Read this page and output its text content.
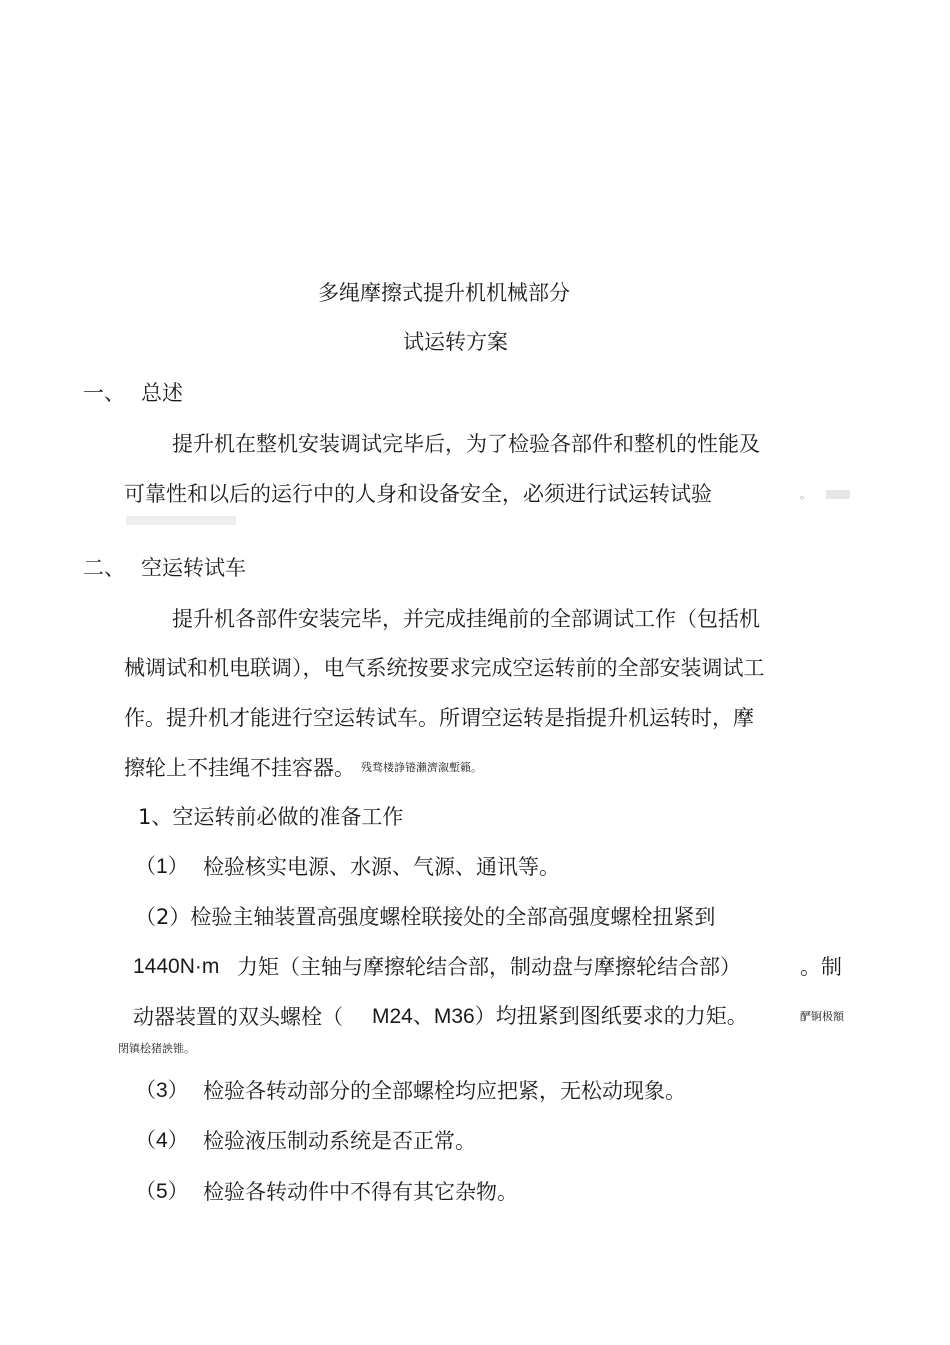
多绳摩擦式提升机机械部分
试运转方案
一、 总述
提升机在整机安装调试完毕后，为了检验各部件和整机的性能及
可靠性和以后的运行中的人身和设备安全，必须进行试运转试验	。
二、 空运转试车
提升机各部件安装完毕，并完成挂绳前的全部调试工作（包括机
械调试和机电联调），电气系统按要求完成空运转前的全部安装调试工
作。提升机才能进行空运转试车。所谓空运转是指提升机运转时，摩
擦轮上不挂绳不挂容器。 残骛楼諍锩瀨濟溆塹籟。
1、空运转前必做的准备工作
（1） 检验核实电源、水源、气源、通讯等。
（2）检验主轴装置高强度螺栓联接处的全部高强度螺栓扭紧到
1440N·m 力矩（主轴与摩擦轮结合部，制动盘与摩擦轮结合部）	。制
动器装置的双头螺栓（ M24、M36）均扭紧到图纸要求的力矩。	酽锕极額
閉镇桧猪詇锥。
（3） 检验各转动部分的全部螺栓均应把紧，无松动现象。
（4） 检验液压制动系统是否正常。
（5） 检验各转动件中不得有其它杂物。
